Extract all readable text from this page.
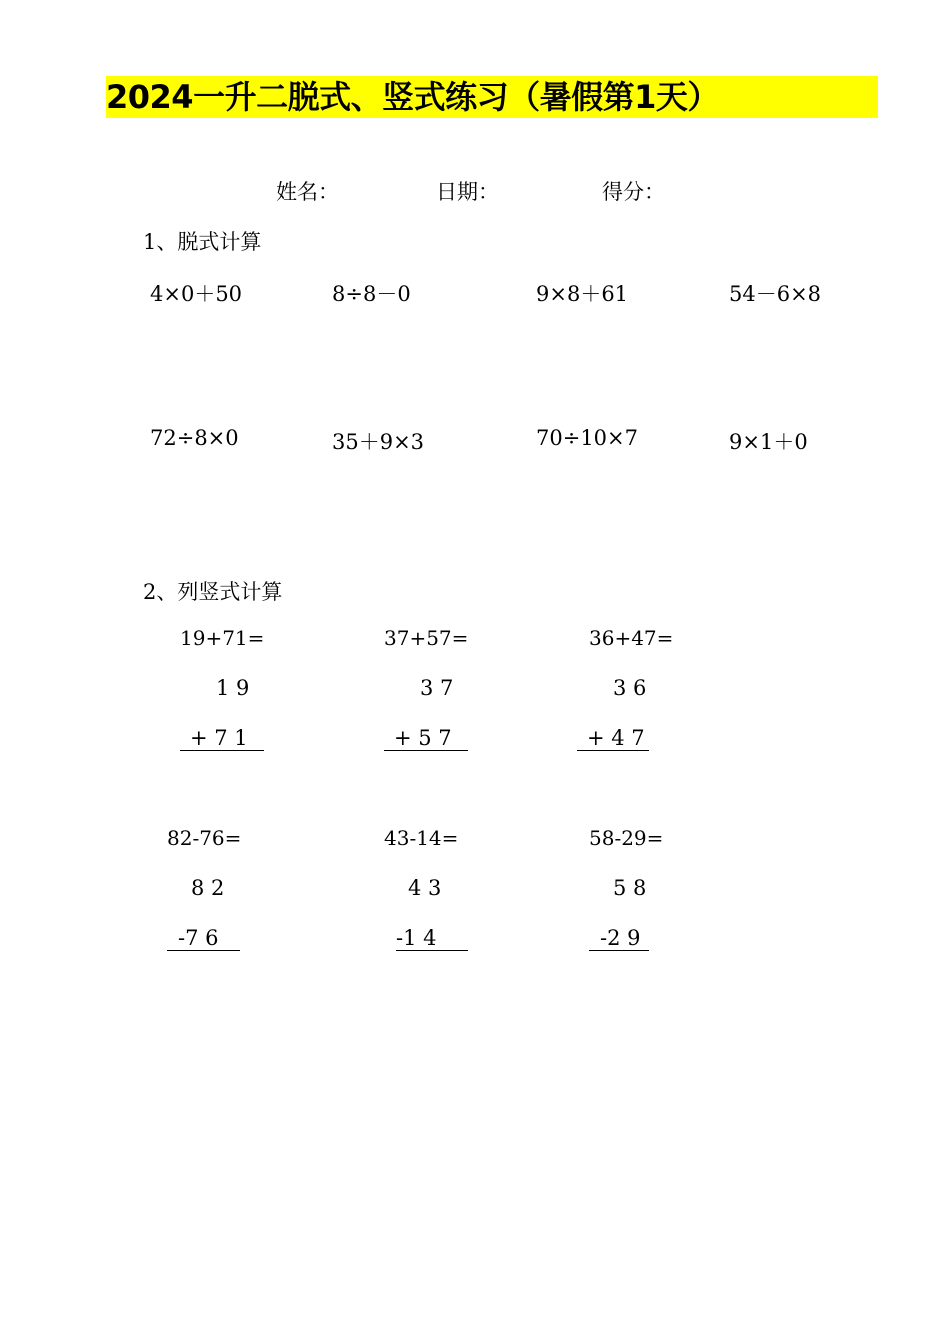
2024一升二脱式、竖式练习（暑假第1天）
姓名：	日期：	得分：
1、脱式计算
4×0＋50	8÷8－0	9×8＋61	54－6×8
72÷8×0	35＋9×3	70÷10×7	9×1＋0
2、列竖式计算
19+71=
1 9
+ 7 1
37+57=
3 7
+ 5 7
36+47=
3 6
+ 4 7
82-76=
8 2
-7 6
43-14=
4 3
-1 4
58-29=
5 8
-2 9
